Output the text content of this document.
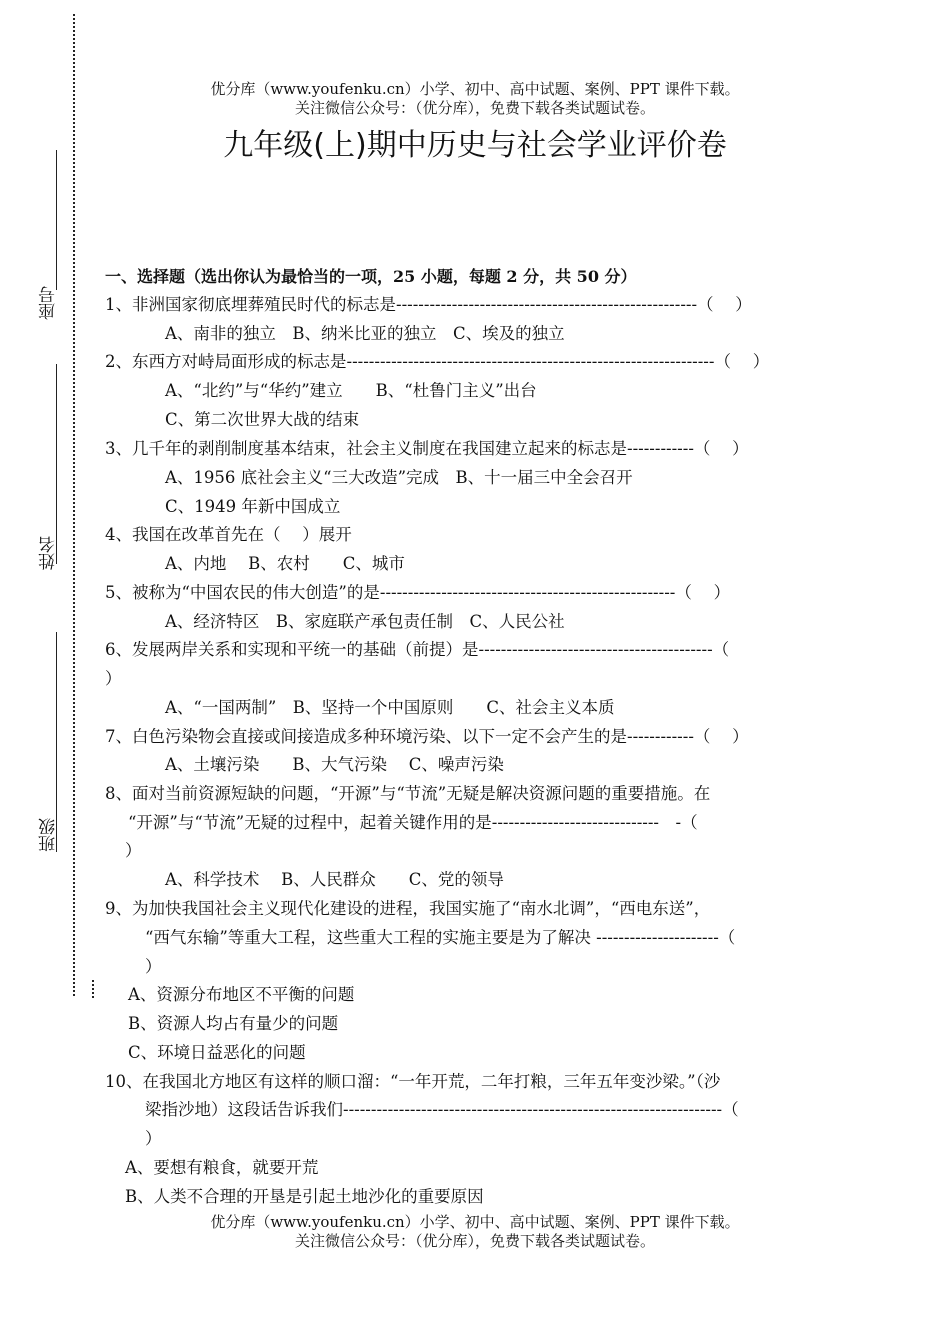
座号
姓名
班级
优分库（www.youfenku.cn）小学、初中、高中试题、案例、PPT 课件下载。
关注微信公众号：（优分库），免费下载各类试题试卷。
九年级(上)期中历史与社会学业评价卷
一、选择题（选出你认为最恰当的一项，25 小题，每题 2 分，共 50 分）
1、非洲国家彻底埋葬殖民时代的标志是------------------------------------------------------（　 ）
A、南非的独立　B、纳米比亚的独立　C、埃及的独立
2、东西方对峙局面形成的标志是------------------------------------------------------------------（　 ）
A、“北约”与“华约”建立　　B、“杜鲁门主义”出台
C、第二次世界大战的结束
3、几千年的剥削制度基本结束，社会主义制度在我国建立起来的标志是------------（　 ）
A、1956 底社会主义“三大改造”完成　B、十一届三中全会召开
C、1949 年新中国成立
4、我国在改革首先在（　 ）展开
A、内地　 B、农村　　C、城市
5、被称为“中国农民的伟大创造”的是-----------------------------------------------------（　 ）
A、经济特区　B、家庭联产承包责任制　C、人民公社
6、发展两岸关系和实现和平统一的基础（前提）是------------------------------------------（
）
A、“一国两制”　B、坚持一个中国原则　　C、社会主义本质
7、白色污染物会直接或间接造成多种环境污染、以下一定不会产生的是------------（　 ）
A、土壤污染　　B、大气污染　 C、噪声污染
8、面对当前资源短缺的问题，“开源”与“节流”无疑是解决资源问题的重要措施。在
“开源”与“节流”无疑的过程中，起着关键作用的是------------------------------　-（
）
A、科学技术　 B、人民群众　　C、党的领导
9、为加快我国社会主义现代化建设的进程，我国实施了“南水北调”，“西电东送”，
“西气东输”等重大工程，这些重大工程的实施主要是为了解决 ----------------------（
）
A、资源分布地区不平衡的问题
B、资源人均占有量少的问题
C、环境日益恶化的问题
10、在我国北方地区有这样的顺口溜：“一年开荒，二年打粮，三年五年变沙梁。”（沙
梁指沙地）这段话告诉我们--------------------------------------------------------------------（
）
A、要想有粮食，就要开荒
B、人类不合理的开垦是引起土地沙化的重要原因
优分库（www.youfenku.cn）小学、初中、高中试题、案例、PPT 课件下载。
关注微信公众号：（优分库），免费下载各类试题试卷。
